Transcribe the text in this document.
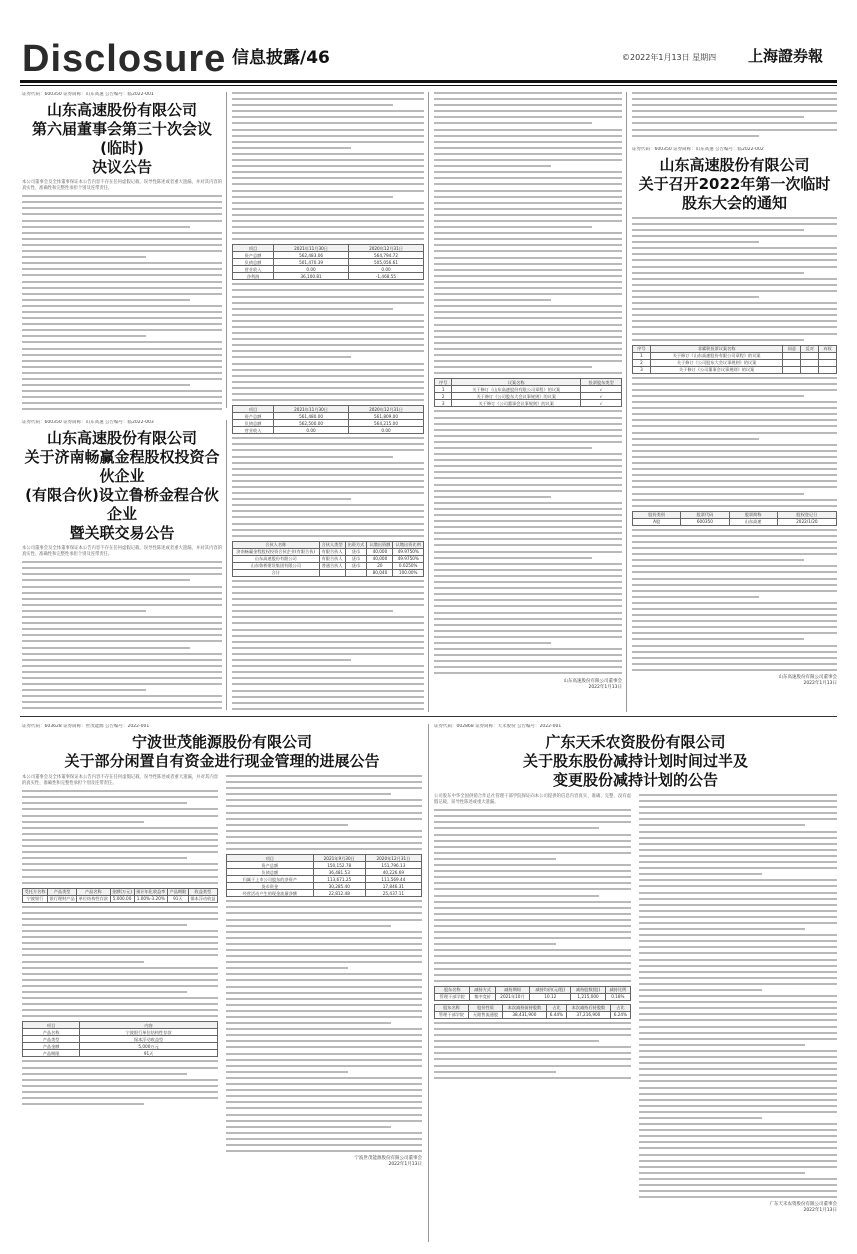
Disclosure 信息披露/46	©2022年1月13日 星期四 上海證券報
证券代码：600350 证券简称：山东高速 公告编号：临2022-001
山东高速股份有限公司
第六届董事会第三十次会议(临时)
决议公告
本公司董事会及全体董事保证本公告内容不存在任何虚假记载、误导性陈述或者重大遗漏，并对其内容的真实性、准确性和完整性承担个别及连带责任。
证券代码：600350 证券简称：山东高速 公告编号：临2022-003
山东高速股份有限公司
关于济南畅赢金程股权投资合伙企业
(有限合伙)设立鲁桥金程合伙企业
暨关联交易公告
本公司董事会及全体董事保证本公告内容不存在任何虚假记载、误导性陈述或者重大遗漏，并对其内容的真实性、准确性和完整性承担个别及连带责任。

项目	2021年11月30日	2020年12月31日
资产总额	562,483.06	564,794.72
负债总额	501,470.39	505,056.61
营业收入	0.00	0.00
净利润	36,100.81	-1,468.55
项目	2021年11月30日	2020年12月31日
资产总额	561,480.00	561,809.00
负债总额	562,500.00	564,215.00
营业收入	0.00	0.00
合伙人名称	合伙人类型	出资方式	认缴出资额	认缴出资比例
济南畅赢金程股权投资合伙企业(有限合伙)	有限合伙人	货币	40,000	49.9750%
山东高速股份有限公司	有限合伙人	货币	40,000	49.9750%
山东鲁桥建设集团有限公司	普通合伙人	货币	20	0.0250%
合计			80,040	100.00%
序号	议案名称	投票股东类型
1	关于修订《山东高速股份有限公司章程》的议案	√
2	关于修订《公司股东大会议事规则》的议案	√
3	关于修订《公司董事会议事规则》的议案	√
山东高速股份有限公司董事会
2022年1月13日

证券代码：600350 证券简称：山东高速 公告编号：临2022-002
山东高速股份有限公司
关于召开2022年第一次临时
股东大会的通知
序号	非累积投票议案名称	同意	反对	弃权
1	关于修订《山东高速股份有限公司章程》的议案			
2	关于修订《公司股东大会议事规则》的议案			
3	关于修订《公司董事会议事规则》的议案			
股份类别	股票代码	股票简称	股权登记日
A股	600350	山东高速	2022/1/20
山东高速股份有限公司董事会
2022年1月13日
证券代码：603628 证券简称：世茂能源 公告编号：2022-001
宁波世茂能源股份有限公司
关于部分闲置自有资金进行现金管理的进展公告
本公司董事会及全体董事保证本公告内容不存在任何虚假记载、误导性陈述或者重大遗漏，并对其内容的真实性、准确性和完整性承担个别及连带责任。
受托方名称	产品类型	产品名称	金额(万元)	预计年化收益率	产品期限	收益类型
宁波银行	银行理财产品	单位结构性存款	5,000.00	1.00%-3.20%	91天	保本浮动收益
项目	内容
产品名称	宁波银行单位结构性存款
产品类型	保本浮动收益型
产品金额	5,000万元
产品期限	91天
项目	2021年9月30日	2020年12月31日
资产总额	150,152.78	151,796.13
负债总额	36,481.53	40,226.69
归属于上市公司股东的净资产	113,671.25	111,569.44
货币资金	30,285.40	17,846.31
经营活动产生的现金流量净额	22,812.48	25,437.11
宁波世茂能源股份有限公司董事会
2022年1月13日
证券代码：002868 证券简称：天禾股份 公告编号：2022-001
广东天禾农资股份有限公司
关于股东股份减持计划时间过半及
变更股份减持计划的公告
公司股东中华全国供销合作总社管理干部学院保证向本公司提供的信息内容真实、准确、完整，没有虚假记载、误导性陈述或重大遗漏。
股东名称	减持方式	减持期间	减持均价(元/股)	减持股数(股)	减持比例
管理干部学院	集中竞价	2021年10月	10.12	1,215,000	0.18%
股东名称	股份性质	本次减持前持股数	占比	本次减持后持股数	占比
管理干部学院	无限售流通股	38,431,900	6.44%	37,216,900	6.24%
广东天禾农资股份有限公司董事会
2022年1月13日
